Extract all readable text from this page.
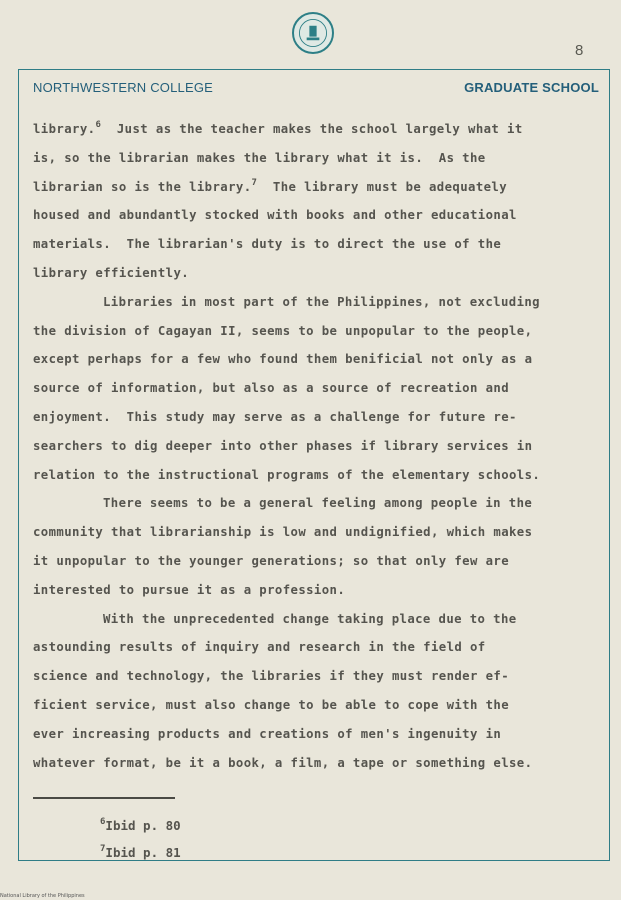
8
NORTHWESTERN COLLEGE	GRADUATE SCHOOL
library.$^6$  Just as the teacher makes the school largely what it
is, so the librarian makes the library what it is.  As the
librarian so is the library.$^7$  The library must be adequately
housed and abundantly stocked with books and other educational
materials.  The librarian's duty is to direct the use of the
library efficiently.
Libraries in most part of the Philippines, not excluding
the division of Cagayan II, seems to be unpopular to the people,
except perhaps for a few who found them benificial not only as a
source of information, but also as a source of recreation and
enjoyment.  This study may serve as a challenge for future re-
searchers to dig deeper into other phases if library services in
relation to the instructional programs of the elementary schools.
There seems to be a general feeling among people in the
community that librarianship is low and undignified, which makes
it unpopular to the younger generations; so that only few are
interested to pursue it as a profession.
With the unprecedented change taking place due to the
astounding results of inquiry and research in the field of
science and technology, the libraries if they must render ef-
ficient service, must also change to be able to cope with the
ever increasing products and creations of men's ingenuity in
whatever format, be it a book, a film, a tape or something else.
$^6$Ibid p. 80
$^7$Ibid p. 81
National Library of the Philippines
